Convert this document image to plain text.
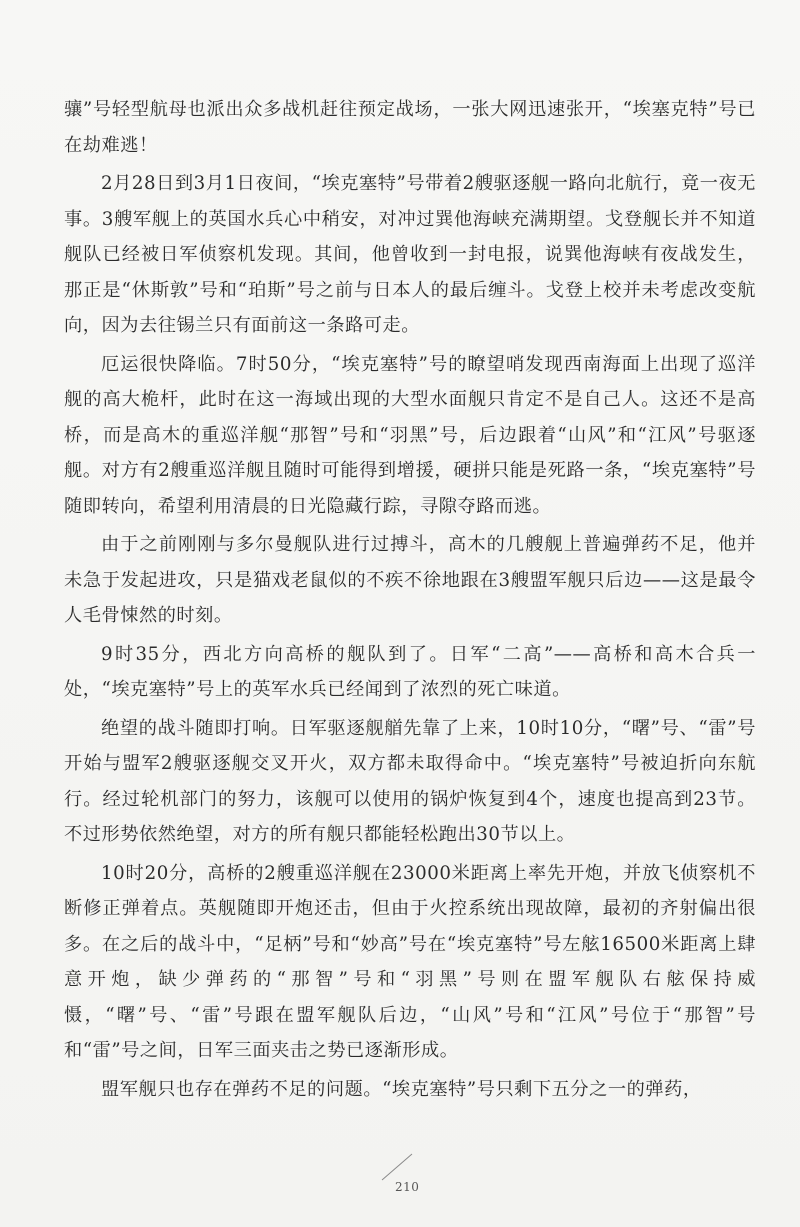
骧”号轻型航母也派出众多战机赶往预定战场，一张大网迅速张开，“埃塞克特”号已在劫难逃！

2月28日到3月1日夜间，“埃克塞特”号带着2艘驱逐舰一路向北航行，竟一夜无事。3艘军舰上的英国水兵心中稍安，对冲过巽他海峡充满期望。戈登舰长并不知道舰队已经被日军侦察机发现。其间，他曾收到一封电报，说巽他海峡有夜战发生，那正是“休斯敦”号和“珀斯”号之前与日本人的最后缠斗。戈登上校并未考虑改变航向，因为去往锡兰只有面前这一条路可走。

厄运很快降临。7时50分，“埃克塞特”号的瞭望哨发现西南海面上出现了巡洋舰的高大桅杆，此时在这一海域出现的大型水面舰只肯定不是自己人。这还不是高桥，而是高木的重巡洋舰“那智”号和“羽黑”号，后边跟着“山风”和“江风”号驱逐舰。对方有2艘重巡洋舰且随时可能得到增援，硬拼只能是死路一条，“埃克塞特”号随即转向，希望利用清晨的日光隐藏行踪，寻隙夺路而逃。

由于之前刚刚与多尔曼舰队进行过搏斗，高木的几艘舰上普遍弹药不足，他并未急于发起进攻，只是猫戏老鼠似的不疾不徐地跟在3艘盟军舰只后边——这是最令人毛骨悚然的时刻。

9时35分，西北方向高桥的舰队到了。日军“二高”——高桥和高木合兵一处，“埃克塞特”号上的英军水兵已经闻到了浓烈的死亡味道。

绝望的战斗随即打响。日军驱逐舰艏先靠了上来，10时10分，“曙”号、“雷”号开始与盟军2艘驱逐舰交叉开火，双方都未取得命中。“埃克塞特”号被迫折向东航行。经过轮机部门的努力，该舰可以使用的锅炉恢复到4个，速度也提高到23节。不过形势依然绝望，对方的所有舰只都能轻松跑出30节以上。

10时20分，高桥的2艘重巡洋舰在23000米距离上率先开炮，并放飞侦察机不断修正弹着点。英舰随即开炮还击，但由于火控系统出现故障，最初的齐射偏出很多。在之后的战斗中，“足柄”号和“妙高”号在“埃克塞特”号左舷16500米距离上肆意开炮，缺少弹药的“那智”号和“羽黑”号则在盟军舰队右舷保持威慑，“曙”号、“雷”号跟在盟军舰队后边，“山风”号和“江风”号位于“那智”号和“雷”号之间，日军三面夹击之势已逐渐形成。

盟军舰只也存在弹药不足的问题。“埃克塞特”号只剩下五分之一的弹药，

210
